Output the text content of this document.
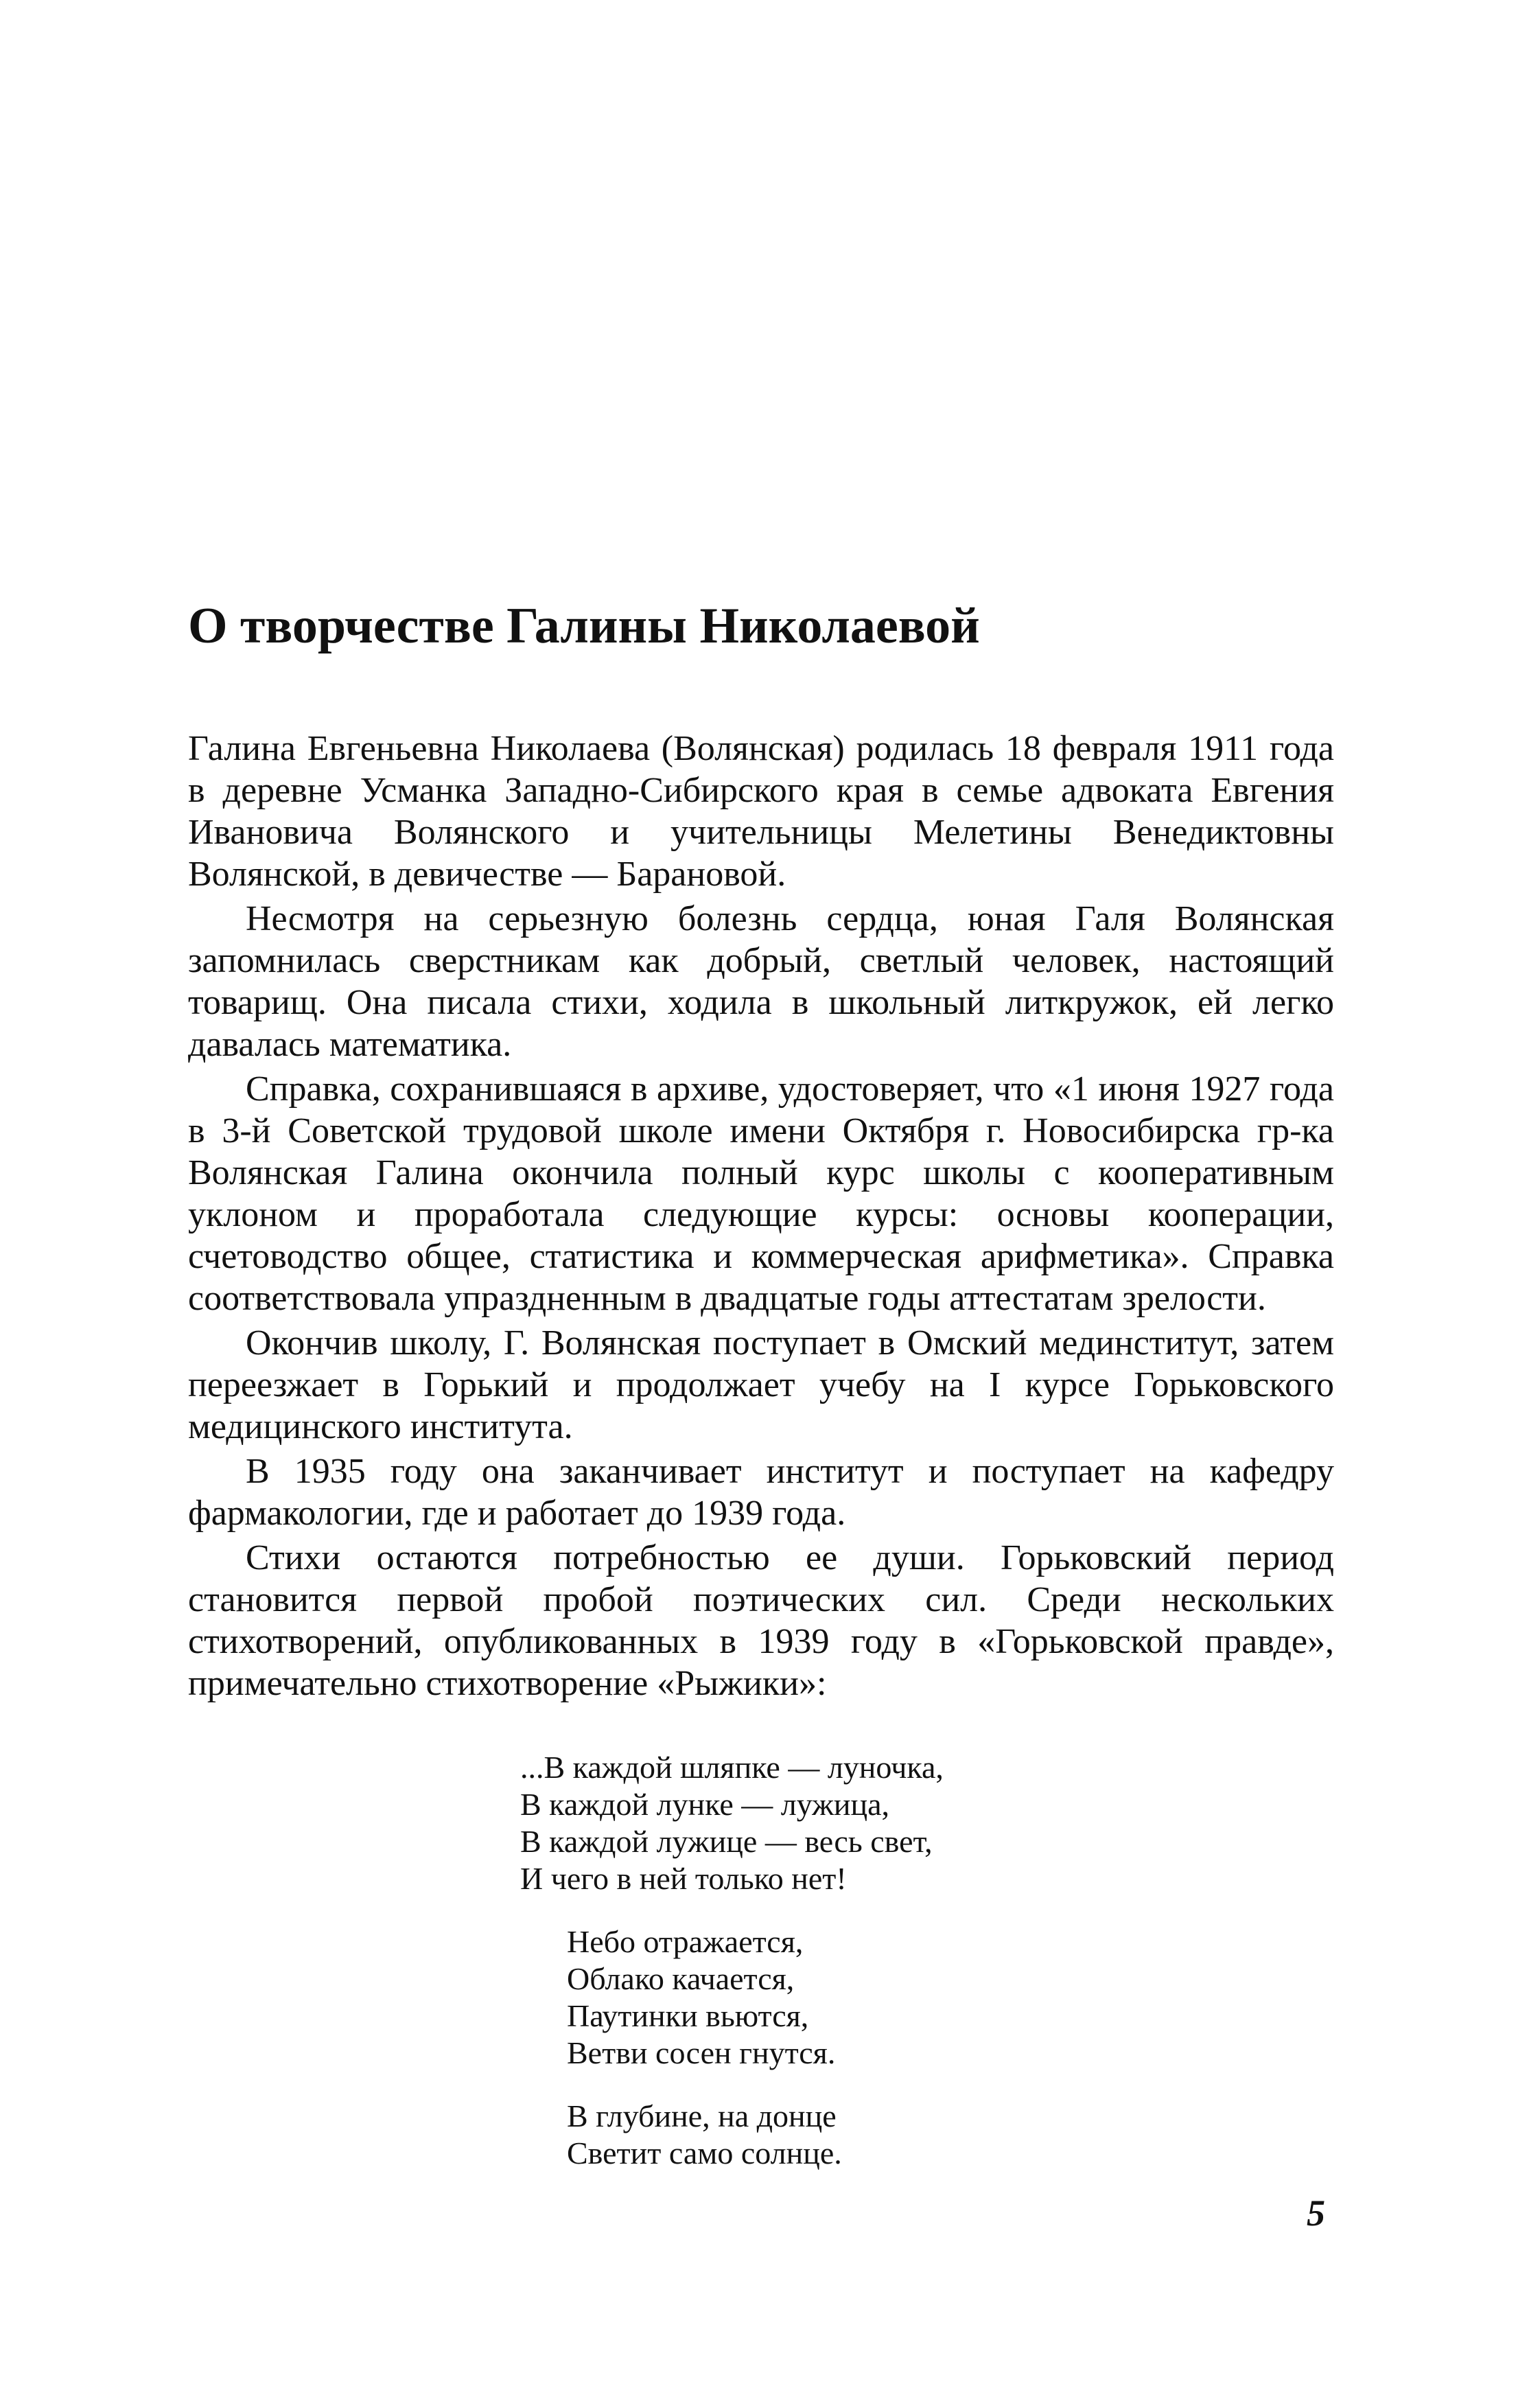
О творчестве Галины Николаевой

Галина Евгеньевна Николаева (Волянская) родилась 18 февраля 1911 года в деревне Усманка Западно-Сибирского края в семье адвоката Евгения Ивановича Волянского и учительницы Мелетины Венедиктовны Волянской, в девичестве — Барановой.

Несмотря на серьезную болезнь сердца, юная Галя Волянская запомнилась сверстникам как добрый, светлый человек, настоящий товарищ. Она писала стихи, ходила в школьный литкружок, ей легко давалась математика.

Справка, сохранившаяся в архиве, удостоверяет, что «1 июня 1927 года в 3-й Советской трудовой школе имени Октября г. Новосибирска гр-ка Волянская Галина окончила полный курс школы с кооперативным уклоном и проработала следующие курсы: основы кооперации, счетоводство общее, статистика и коммерческая арифметика». Справка соответствовала упраздненным в двадцатые годы аттестатам зрелости.

Окончив школу, Г. Волянская поступает в Омский мединститут, затем переезжает в Горький и продолжает учебу на I курсе Горьковского медицинского института.

В 1935 году она заканчивает институт и поступает на кафедру фармакологии, где и работает до 1939 года.

Стихи остаются потребностью ее души. Горьковский период становится первой пробой поэтических сил. Среди нескольких стихотворений, опубликованных в 1939 году в «Горьковской правде», примечательно стихотворение «Рыжики»:

...В каждой шляпке — луночка,
В каждой лунке — лужица,
В каждой лужице — весь свет,
И чего в ней только нет!
Небо отражается,
Облако качается,
Паутинки вьются,
Ветви сосен гнутся.
В глубине, на донце
Светит само солнце.
5
